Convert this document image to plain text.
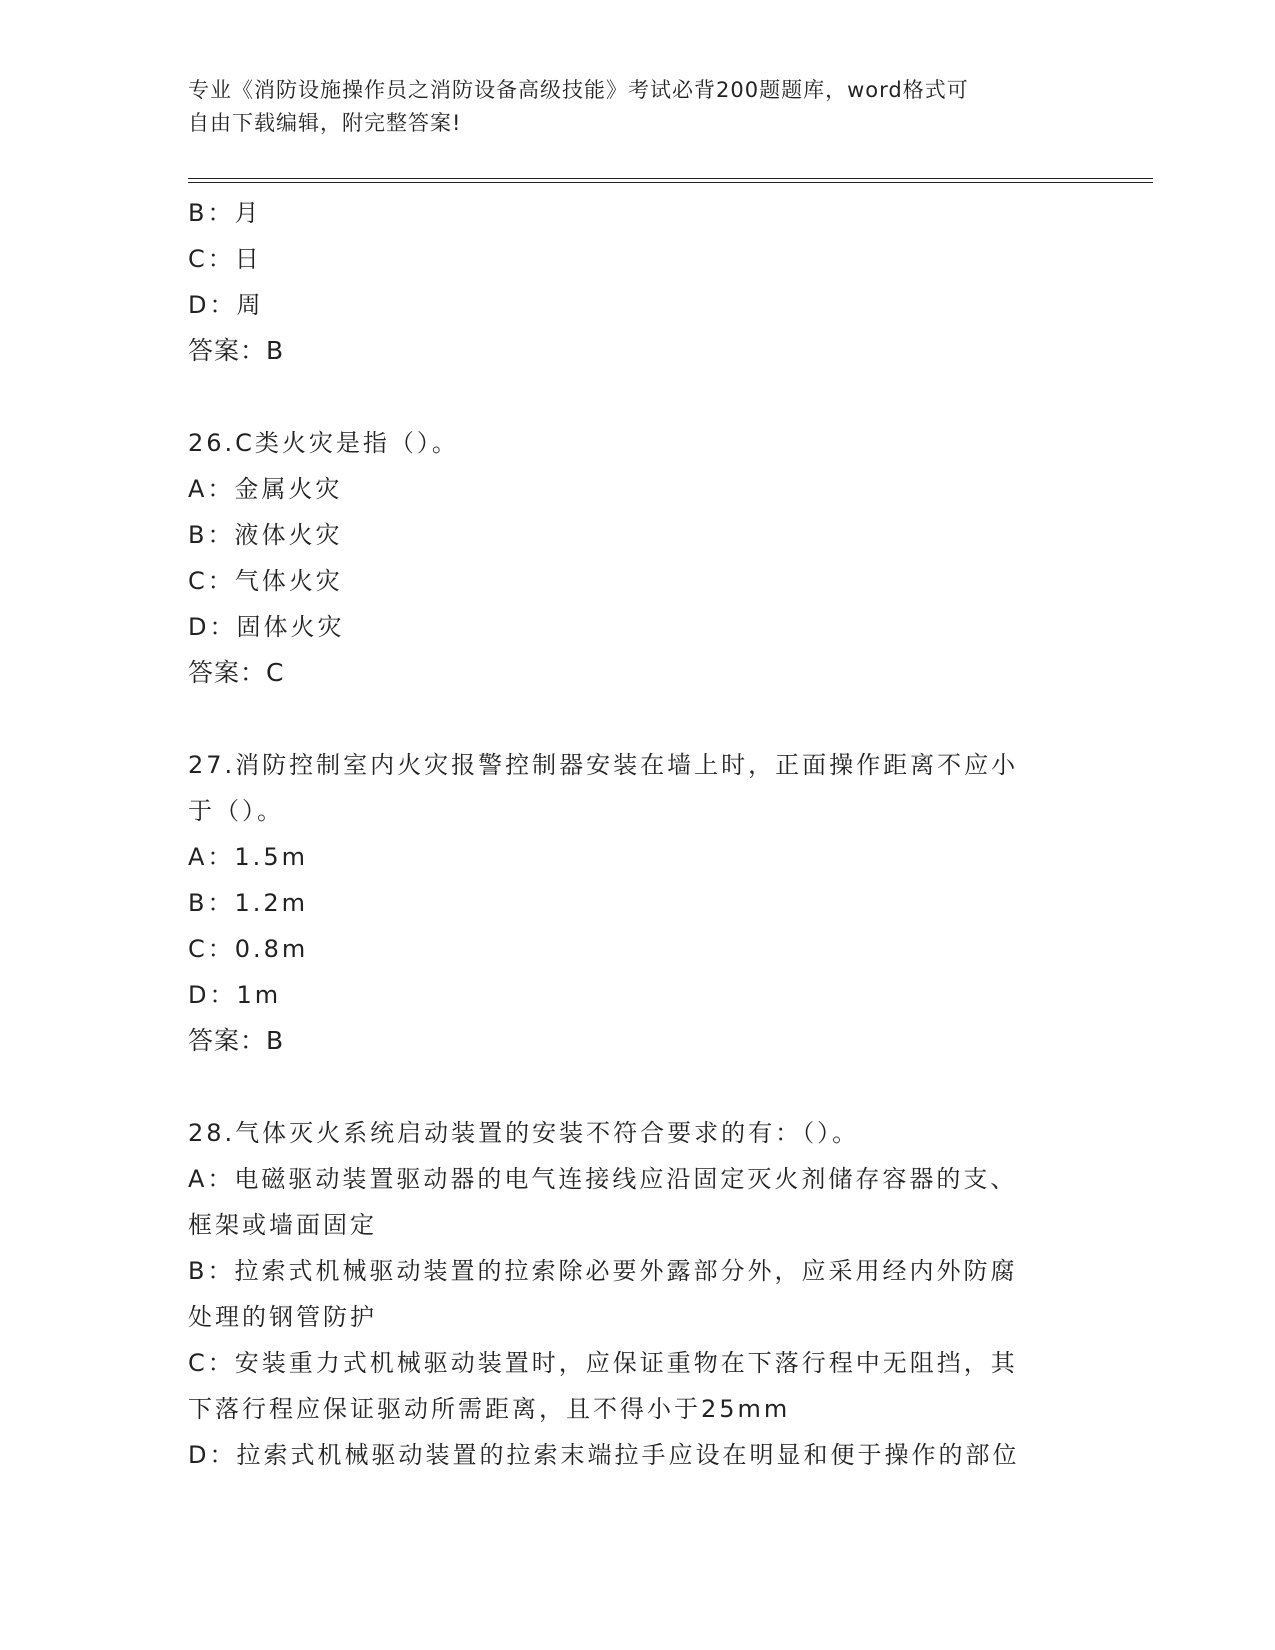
专业《消防设施操作员之消防设备高级技能》考试必背200题题库，word格式可
自由下载编辑，附完整答案!
B：月
C：日
D：周
答案：B
26.C类火灾是指（）。
A：金属火灾
B：液体火灾
C：气体火灾
D：固体火灾
答案：C
27.消防控制室内火灾报警控制器安装在墙上时，正面操作距离不应小
于（）。
A：1.5m
B：1.2m
C：0.8m
D：1m
答案：B
28.气体灭火系统启动装置的安装不符合要求的有：（）。
A：电磁驱动装置驱动器的电气连接线应沿固定灭火剂储存容器的支、
框架或墙面固定
B：拉索式机械驱动装置的拉索除必要外露部分外，应采用经内外防腐
处理的钢管防护
C：安装重力式机械驱动装置时，应保证重物在下落行程中无阻挡，其
下落行程应保证驱动所需距离，且不得小于25mm
D：拉索式机械驱动装置的拉索末端拉手应设在明显和便于操作的部位
